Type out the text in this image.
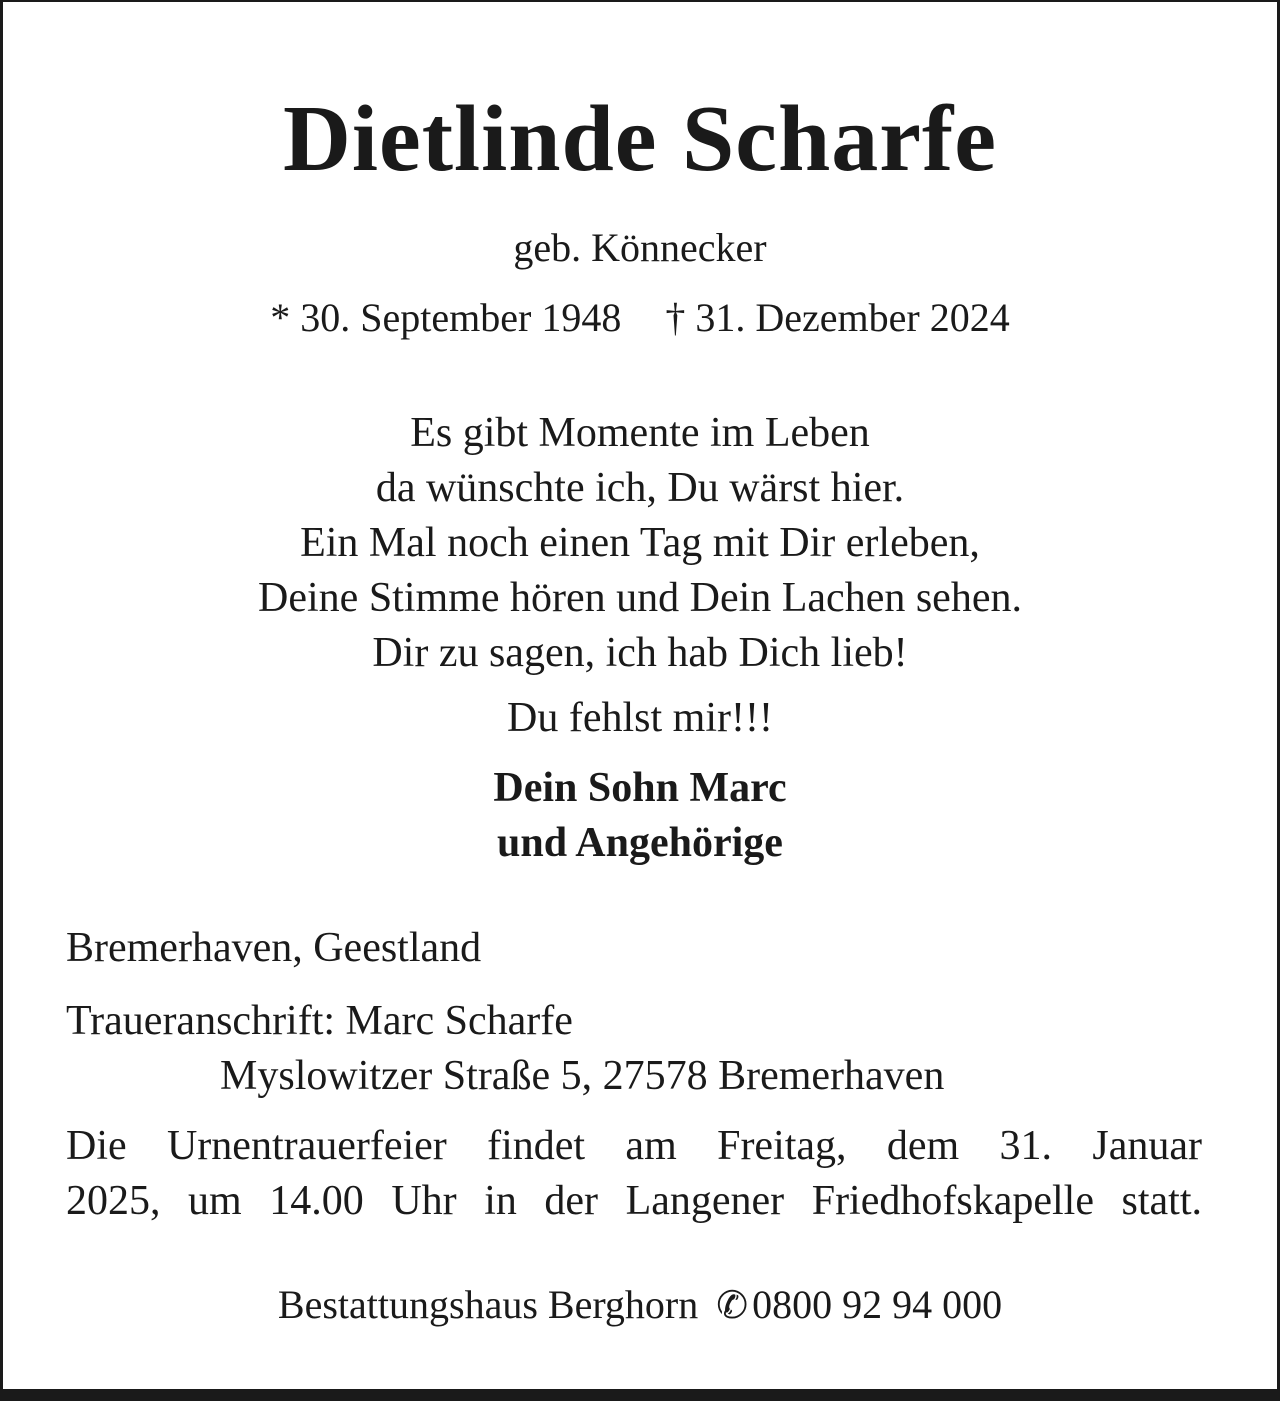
Dietlinde Scharfe
geb. Könnecker
* 30. September 1948 † 31. Dezember 2024
Es gibt Momente im Leben
da wünschte ich, Du wärst hier.
Ein Mal noch einen Tag mit Dir erleben,
Deine Stimme hören und Dein Lachen sehen.
Dir zu sagen, ich hab Dich lieb!
Du fehlst mir!!!
Dein Sohn Marc
und Angehörige
Bremerhaven, Geestland
Traueranschrift: Marc Scharfe
Myslowitzer Straße 5, 27578 Bremerhaven
Die Urnentrauerfeier findet am Freitag, dem 31. Januar
2025, um 14.00 Uhr in der Langener Friedhofskapelle statt.
Bestattungshaus Berghorn ✆ 0800 92 94 000
